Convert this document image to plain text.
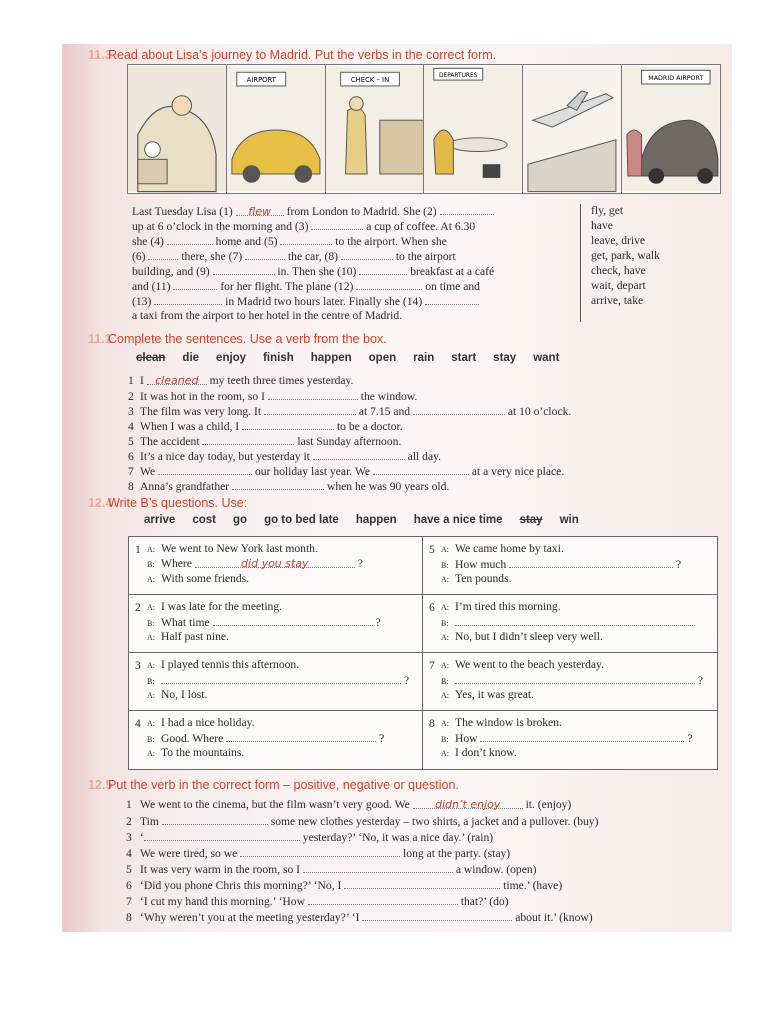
11.3Read about Lisa’s journey to Madrid. Put the verbs in the correct form.
AIRPORT	CHECK – IN	DEPARTURES	MADRID AIRPORT
Last Tuesday Lisa (1) flew from London to Madrid. She (2)
up at 6 o’clock in the morning and (3)	a cup of coffee. At 6.30
she (4)	home and (5)	to the airport. When she
(6)	there, she (7)	the car, (8)	to the airport
building, and (9)	in. Then she (10)	breakfast at a café
and (11)	for her flight. The plane (12)	on time and
(13)	in Madrid two hours later. Finally she (14)
a taxi from the airport to her hotel in the centre of Madrid.
fly, get
have
leave, drive
get, park, walk
check, have
wait, depart
arrive, take
11.1Complete the sentences. Use a verb from the box.
clean die enjoy finish happen open rain start stay want
1 I cleaned my teeth three times yesterday.
2 It was hot in the room, so I	the window.
3 The film was very long. It	at 7.15 and	at 10 o’clock.
4 When I was a child, I	to be a doctor.
5 The accident	last Sunday afternoon.
6 It’s a nice day today, but yesterday it	all day.
7 We	our holiday last year. We	at a very nice place.
8 Anna’s grandfather	when he was 90 years old.
12.4Write B’s questions. Use:
arrive cost go go to bed late happen have a nice time stay win
1 A: We went to New York last month.
B: Where	did you stay	?
A: With some friends.
5 A: We came home by taxi.
B: How much	?
A: Ten pounds.
2 A: I was late for the meeting.
B: What time	?
A: Half past nine.
6 A: I’m tired this morning.
B:
A: No, but I didn’t sleep very well.
3 A: I played tennis this afternoon.
B:	?
A: No, I lost.
7 A: We went to the beach yesterday.
B:	?
A: Yes, it was great.
4 A: I had a nice holiday.
B: Good. Where	?
A: To the mountains.
8 A: The window is broken.
B: How	?
A: I don’t know.
12.5Put the verb in the correct form – positive, negative or question.
1 We went to the cinema, but the film wasn’t very good. We didn’t enjoy it. (enjoy)
2 Tim	some new clothes yesterday – two shirts, a jacket and a pullover. (buy)
3 ‘	yesterday?’ ‘No, it was a nice day.’ (rain)
4 We were tired, so we	long at the party. (stay)
5 It was very warm in the room, so I	a window. (open)
6 ‘Did you phone Chris this morning?’ ‘No, I	time.’ (have)
7 ‘I cut my hand this morning.’ ‘How	that?’ (do)
8 ‘Why weren’t you at the meeting yesterday?’ ‘I	about it.’ (know)
